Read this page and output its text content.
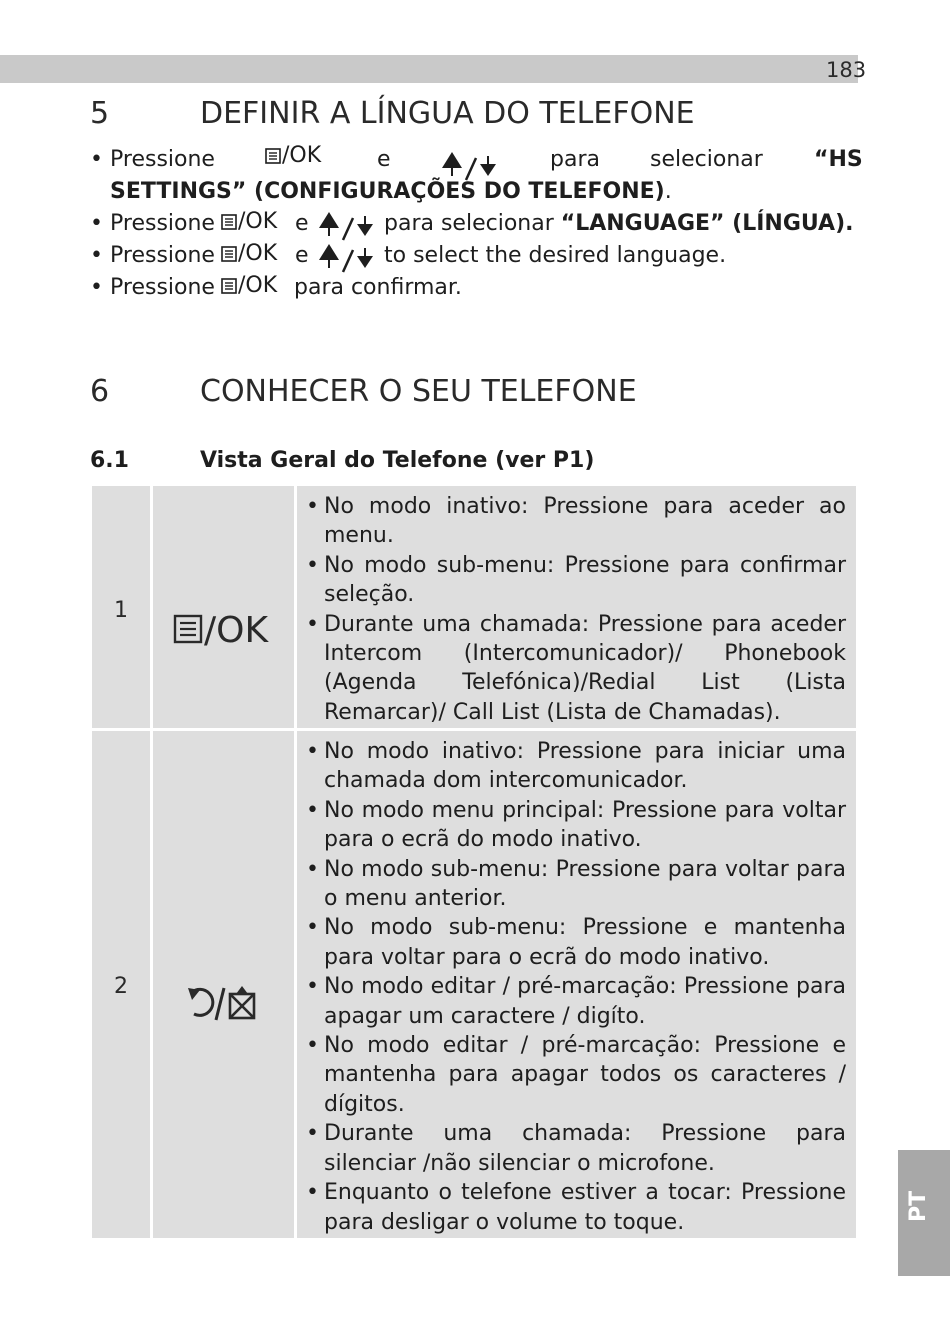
183
5	DEFINIR A LÍNGUA DO TELEFONE
• Pressione	/OK	e	para selecionar “HS
SETTINGS” (CONFIGURAÇÕES DO TELEFONE).
• Pressione	/OK e	para selecionar “LANGUAGE” (LÍNGUA).
• Pressione	/OK e	to select the desired language.
• Pressione	/OK para confirmar.
6	CONHECER O SEU TELEFONE
6.1	Vista Geral do Telefone (ver P1)
1	/OK
• No modo inativo: Pressione para aceder ao menu.
• No modo sub-menu: Pressione para confirmar seleção.
• Durante uma chamada: Pressione para aceder Intercom (Intercomunicador)/ Phonebook (Agenda Telefónica)/Redial List (Lista Remarcar)/ Call List (Lista de Chamadas).
2
• No modo inativo: Pressione para iniciar uma chamada dom intercomunicador.
• No modo menu principal: Pressione para voltar para o ecrã do modo inativo.
• No modo sub-menu: Pressione para voltar para o menu anterior.
• No modo sub-menu: Pressione e mantenha para voltar para o ecrã do modo inativo.
• No modo editar / pré-marcação: Pressione para apagar um caractere / digíto.
• No modo editar / pré-marcação: Pressione e mantenha para apagar todos os caracteres / dígitos.
• Durante uma chamada: Pressione para silenciar /não silenciar o microfone.
• Enquanto o telefone estiver a tocar: Pressione para desligar o volume to toque.	PT
